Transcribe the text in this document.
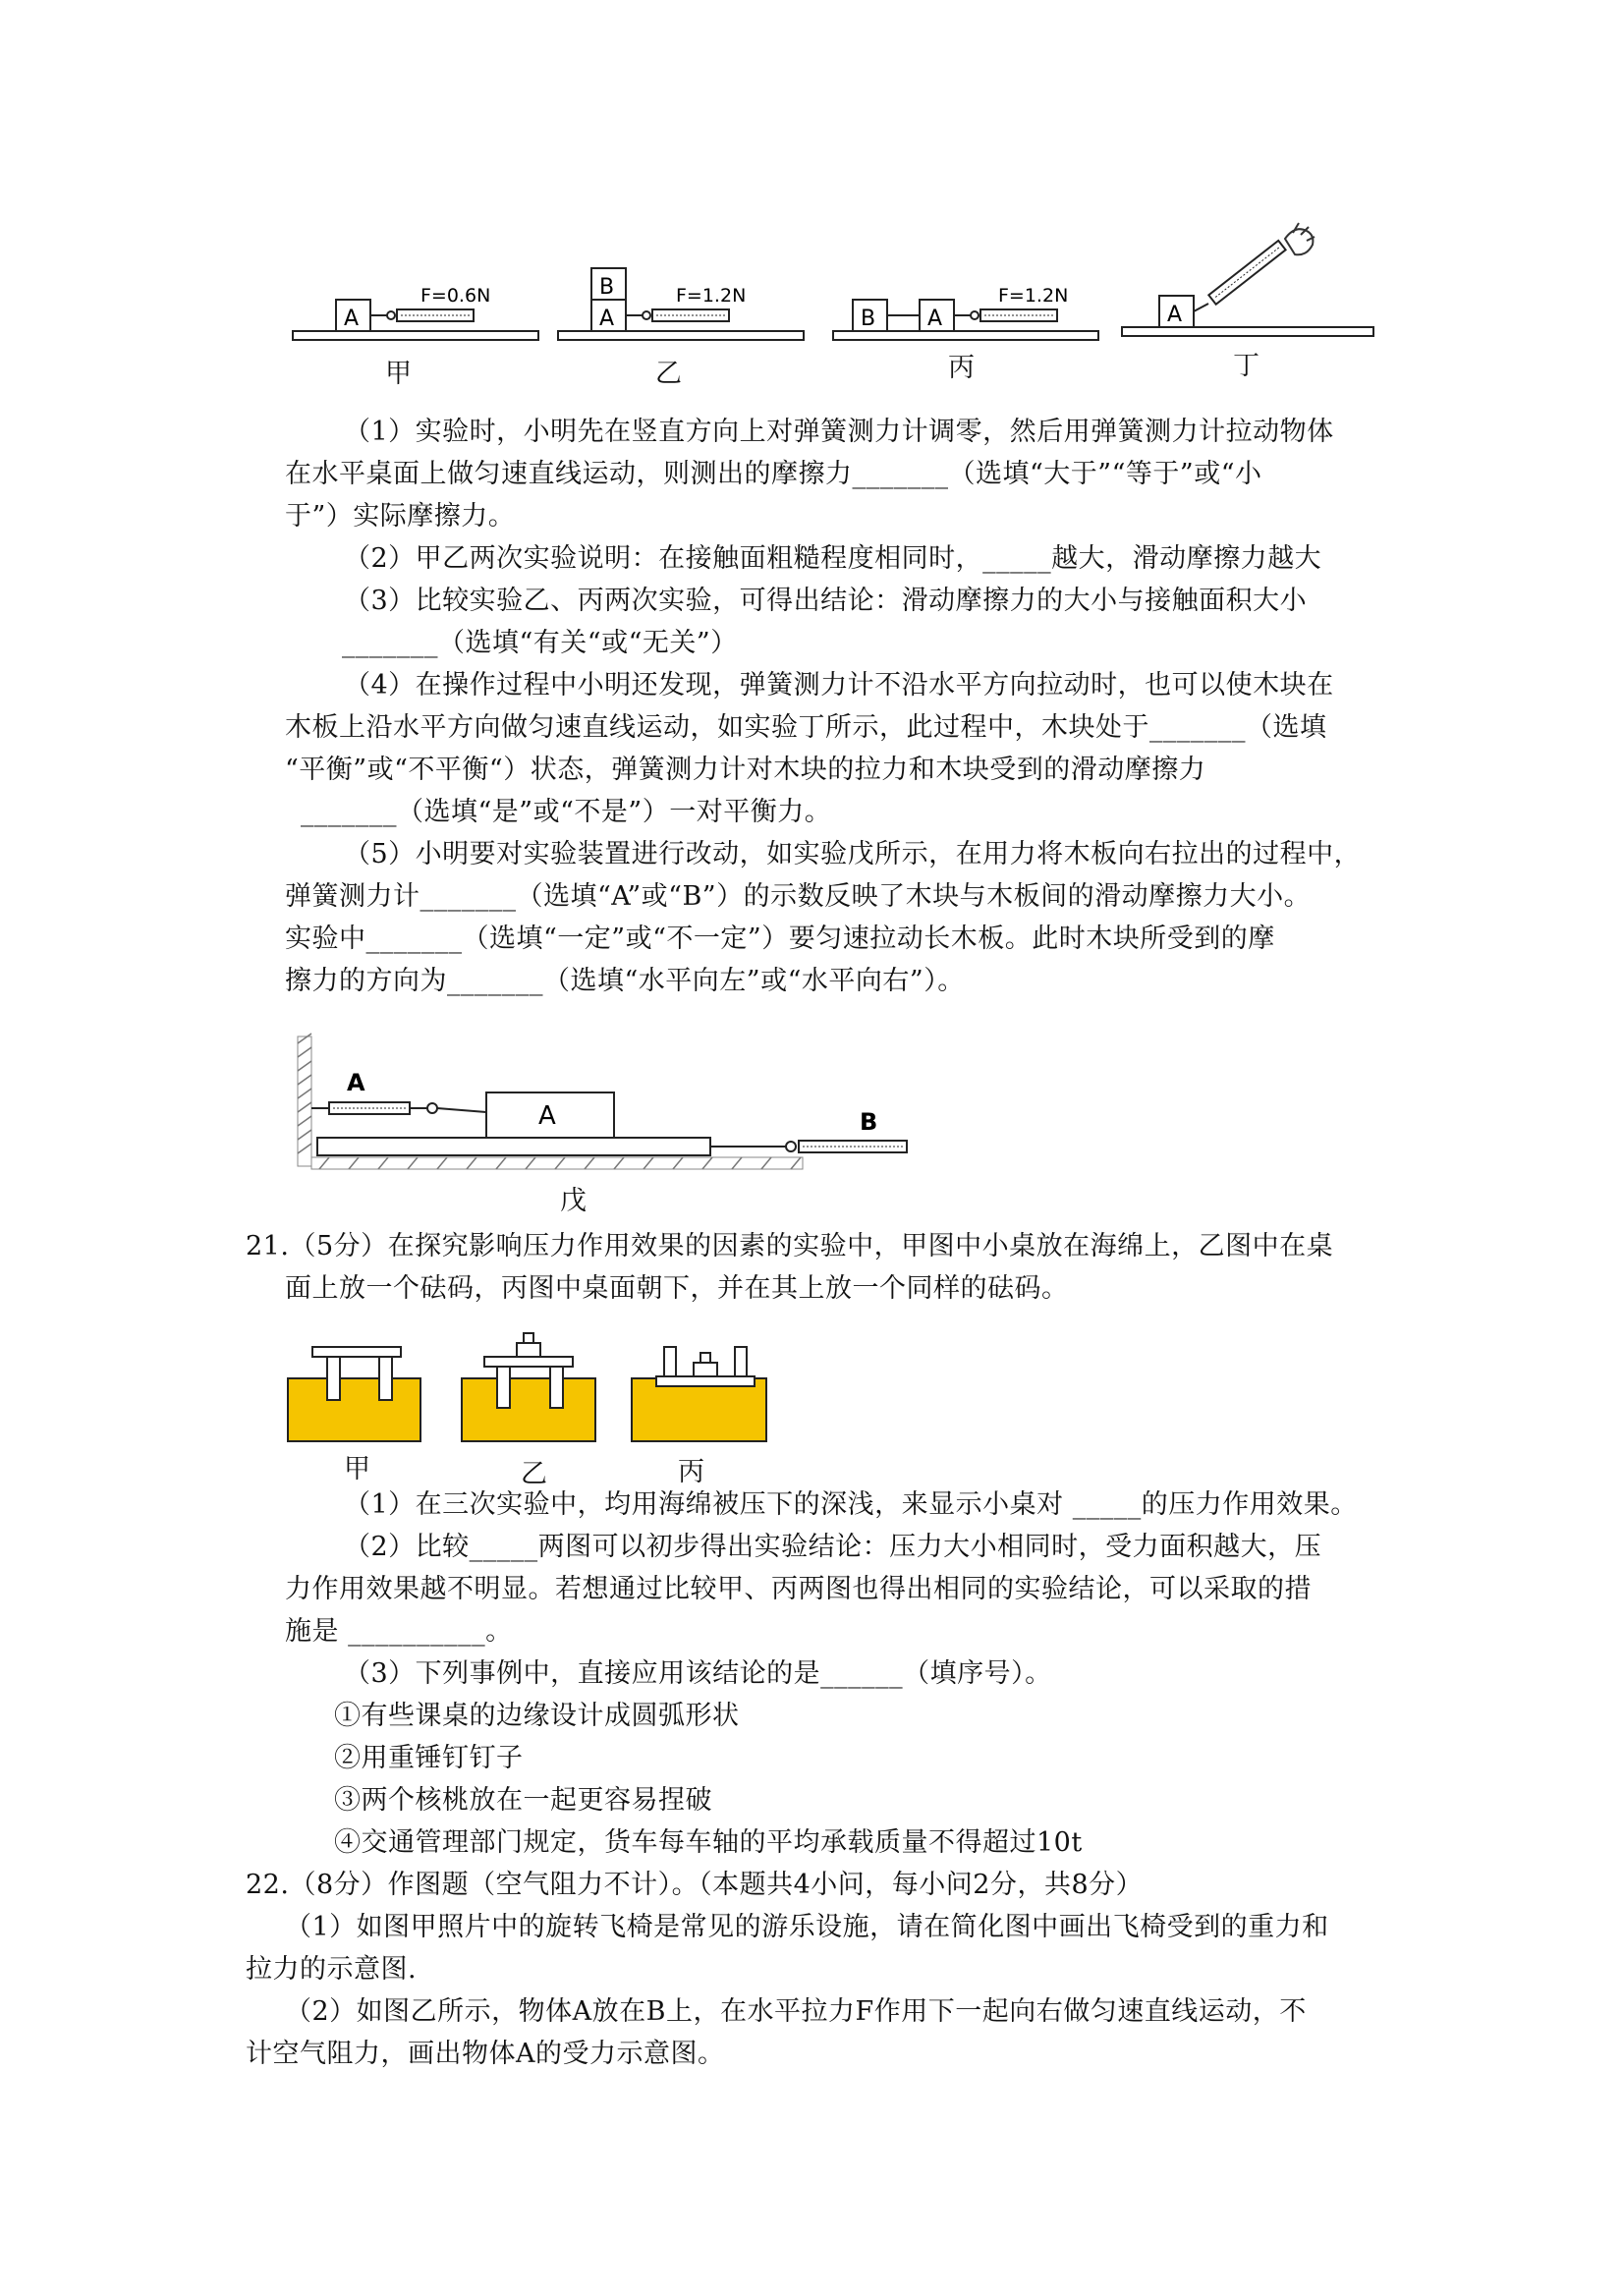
A
F=0.6N	B
A
F=1.2N
B A
F=1.2N
A
甲	乙	丙	丁
（1）实验时，小明先在竖直方向上对弹簧测力计调零，然后用弹簧测力计拉动物体
在水平桌面上做匀速直线运动，则测出的摩擦力_______（选填“大于”“等于”或“小
于”）实际摩擦力。
（2）甲乙两次实验说明：在接触面粗糙程度相同时，_____越大，滑动摩擦力越大
（3）比较实验乙、丙两次实验，可得出结论：滑动摩擦力的大小与接触面积大小
_______（选填“有关“或“无关”）
（4）在操作过程中小明还发现，弹簧测力计不沿水平方向拉动时，也可以使木块在
木板上沿水平方向做匀速直线运动，如实验丁所示，此过程中，木块处于_______（选填
“平衡”或“不平衡“）状态，弹簧测力计对木块的拉力和木块受到的滑动摩擦力
_______（选填“是”或“不是”）一对平衡力。
（5）小明要对实验装置进行改动，如实验戊所示，在用力将木板向右拉出的过程中，
弹簧测力计_______（选填“A”或“B”）的示数反映了木块与木板间的滑动摩擦力大小。
实验中_______（选填“一定”或“不一定”）要匀速拉动长木板。此时木块所受到的摩
擦力的方向为_______（选填“水平向左”或“水平向右”）。
A
A	B
戊
21.（5分）在探究影响压力作用效果的因素的实验中，甲图中小桌放在海绵上，乙图中在桌
面上放一个砝码，丙图中桌面朝下，并在其上放一个同样的砝码。
甲	乙	丙
（1）在三次实验中，均用海绵被压下的深浅，来显示小桌对 _____的压力作用效果。
（2）比较_____两图可以初步得出实验结论：压力大小相同时，受力面积越大，压
力作用效果越不明显。若想通过比较甲、丙两图也得出相同的实验结论，可以采取的措
施是 __________。
（3）下列事例中，直接应用该结论的是______（填序号）。
①有些课桌的边缘设计成圆弧形状
②用重锤钉钉子
③两个核桃放在一起更容易捏破
④交通管理部门规定，货车每车轴的平均承载质量不得超过10t
22.（8分）作图题（空气阻力不计）。（本题共4小问，每小问2分，共8分）
（1）如图甲照片中的旋转飞椅是常见的游乐设施，请在简化图中画出飞椅受到的重力和
拉力的示意图.
（2）如图乙所示，物体A放在B上，在水平拉力F作用下一起向右做匀速直线运动，不
计空气阻力，画出物体A的受力示意图。
